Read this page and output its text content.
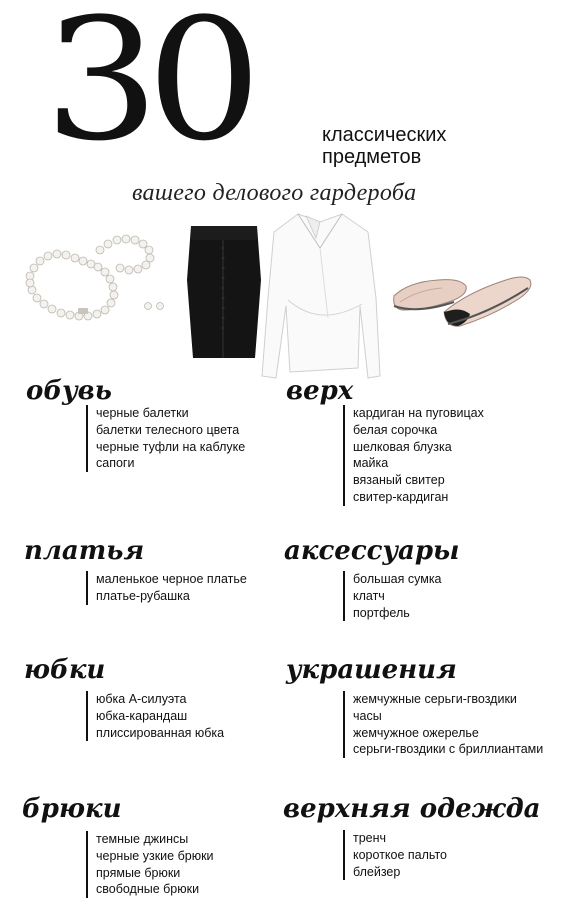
30	классических
предметов
вашего делового гардероба
обувь
черные балетки
балетки телесного цвета
черные туфли на каблуке
сапоги
верх
кардиган на пуговицах
белая сорочка
шелковая блузка
майка
вязаный свитер
свитер-кардиган
платья
маленькое черное платье
платье-рубашка
аксессуары
большая сумка
клатч
портфель
юбки
юбка А-силуэта
юбка-карандаш
плиссированная юбка
украшения
жемчужные серьги-гвоздики
часы
жемчужное ожерелье
серьги-гвоздики с бриллиантами
брюки
темные джинсы
черные узкие брюки
прямые брюки
свободные брюки
верхняя одежда
тренч
короткое пальто
блейзер
